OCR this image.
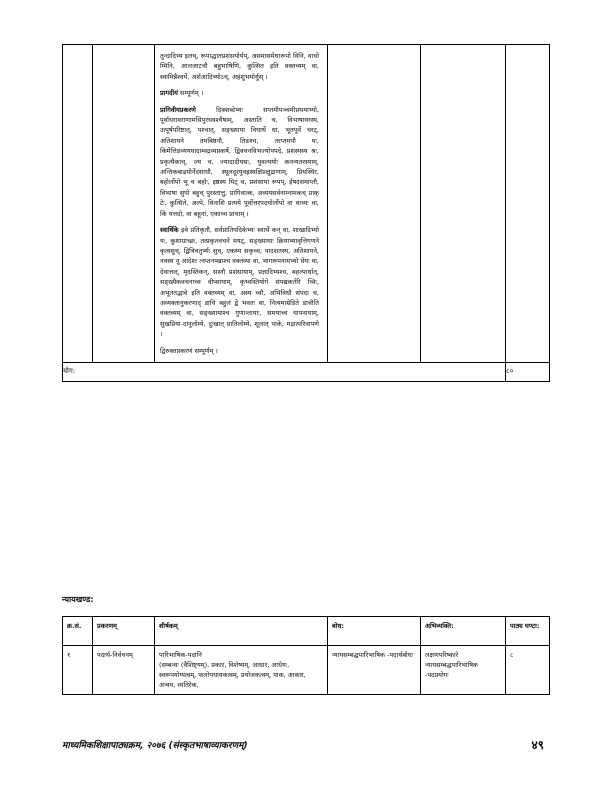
		तुन्दादिभ्य इलच्, रूपाद्धातप्रशंसयोर्यप्, असमासमेधारूपो विनि, वाचो ग्मिनि, आलजाटचौ बहुभाषिणि, कुत्सित इति वक्तव्यम् वा, स्वामिन्नैश्वर्ये, अर्शआदिभ्योऽच्, अहंशुभमोर्युस् ।

प्रागदीयं सम्पूर्णम् ।

प्रागिवीयप्रकरणे दिक्शब्देभ्यः सप्तमीपञ्चमीप्रथमाभ्यो, पूर्वाधरावराणामसिपुरधवश्चैषाम्, अस्ताति च, विभाषावरस्य, उत्पूर्षपरिष्टात्, पश्चात्, सङ्ख्याया विधार्थे धा, भूतपूर्वे चरट्, अतिशायने तमबिष्ठनौ, तिङश्च, तरप्तमपौ घः, किमेत्तिङव्ययघादाम्वद्रव्यप्रकर्षे, द्विवचनविभज्योपपदे, प्रशस्यस्य श्रः, प्रकृत्यैकाच्, ज्य च, ज्यादादीयसः, युवल्पयोः कनन्यतरस्याम्, अन्तिकबाढयोर्नेदसाधौ, स्थूलदूरयुवह्रस्वक्षिप्रक्षुद्राणाम्, प्रियस्थिर, बहोर्लोपो भू च बहोः, इष्ठस्य यिट् च, प्रशंसायां रूपप्, ईषदसमाप्तौ, विभाषा सुपो बहुच् पुरस्तात्तु, प्रागिवात्क, अव्ययसर्वनाम्नामकच् प्राक् टेः, कुत्सिते, अल्पे, विनाशि प्रत्यये पूर्वोत्तरपदयोर्लोपो वा वाच्यः वा, किं यत्तदो, वा बहूनां, एकाच्च प्राचाम् ।

स्वार्थिके इवे प्रतिकृतौ, सर्वप्रातिपदिकेभ्यः स्वार्थे कन् वा, शाखादिभ्यो यः, कुशाग्राच्छः, तत्प्रकृतवचने मयट्, सङ्ख्यायाः क्रियाभ्यावृत्तिगणने कृत्वसुच्, द्वित्रिचतुर्भ्यः सुच्, एकस्य सकृच्च, पादशतस्य, अतिशायने, नवस्य नू आदेशः त्नप्तनप्खाश्च वक्तव्या वा, भागरूपनामभ्यो धेयः वा, देवात्तल्, मृदस्तिकन्, सस्नौ प्रशंसायाम्, प्रज्ञादिभ्यश्च, बहल्पार्थात्, सङ्ख्यैकवचनाच्च वीप्सायाम्, कृभ्वस्तियोगे संपद्यकर्तरि च्विः, अभूततद्भावे इति वक्तव्यम् वा, अस्य च्वौ, अभिविधौ संपदा च, अव्यक्तानुकरणाद् डाचि बहुलं द्वे भवतः वा, नित्यमाम्रेडिते डाचीति वक्तव्यम् वा, सङ्ख्यायाश्च गुणान्तायाः, समयाच्च यापनायाम्, सुखप्रिया-दानुलोम्ये, दुःखात् प्रातिलोम्ये, शूलात् पाके, मद्रात्परिवापणे ।

द्विरुक्तप्रकरणं सम्पूर्णम् ।			

योग:					८०
न्यायखण्ड:
क्र.सं.	प्रकरणम्	शीर्षकम्	बोध:	अभिव्यक्ति:	पाठ्य घण्टा:
१	पदार्थ-निर्वचनम्	पारिभाषिक-पदानि
(सम्बन्धः (वैशिष्ट्यम्), प्रकार, विशेष्यम्, आधार, आधेयः, स्वरूपयोग्यत्वम्, फलोपधायकत्वम्, प्रयोजकत्वम्, पाक, आकार, अन्वय, व्यतिरेक,	न्यायसम्बद्धपारिभाषिक -पदार्थबोधः	लक्षणपरिष्कारे न्यायसम्बद्धपारिभाषिक -पदप्रयोगः	८
माध्यमिकशिक्षापाठ्यक्रम, २०७६ (संस्कृतभाषाव्याकरणम्)	४९
